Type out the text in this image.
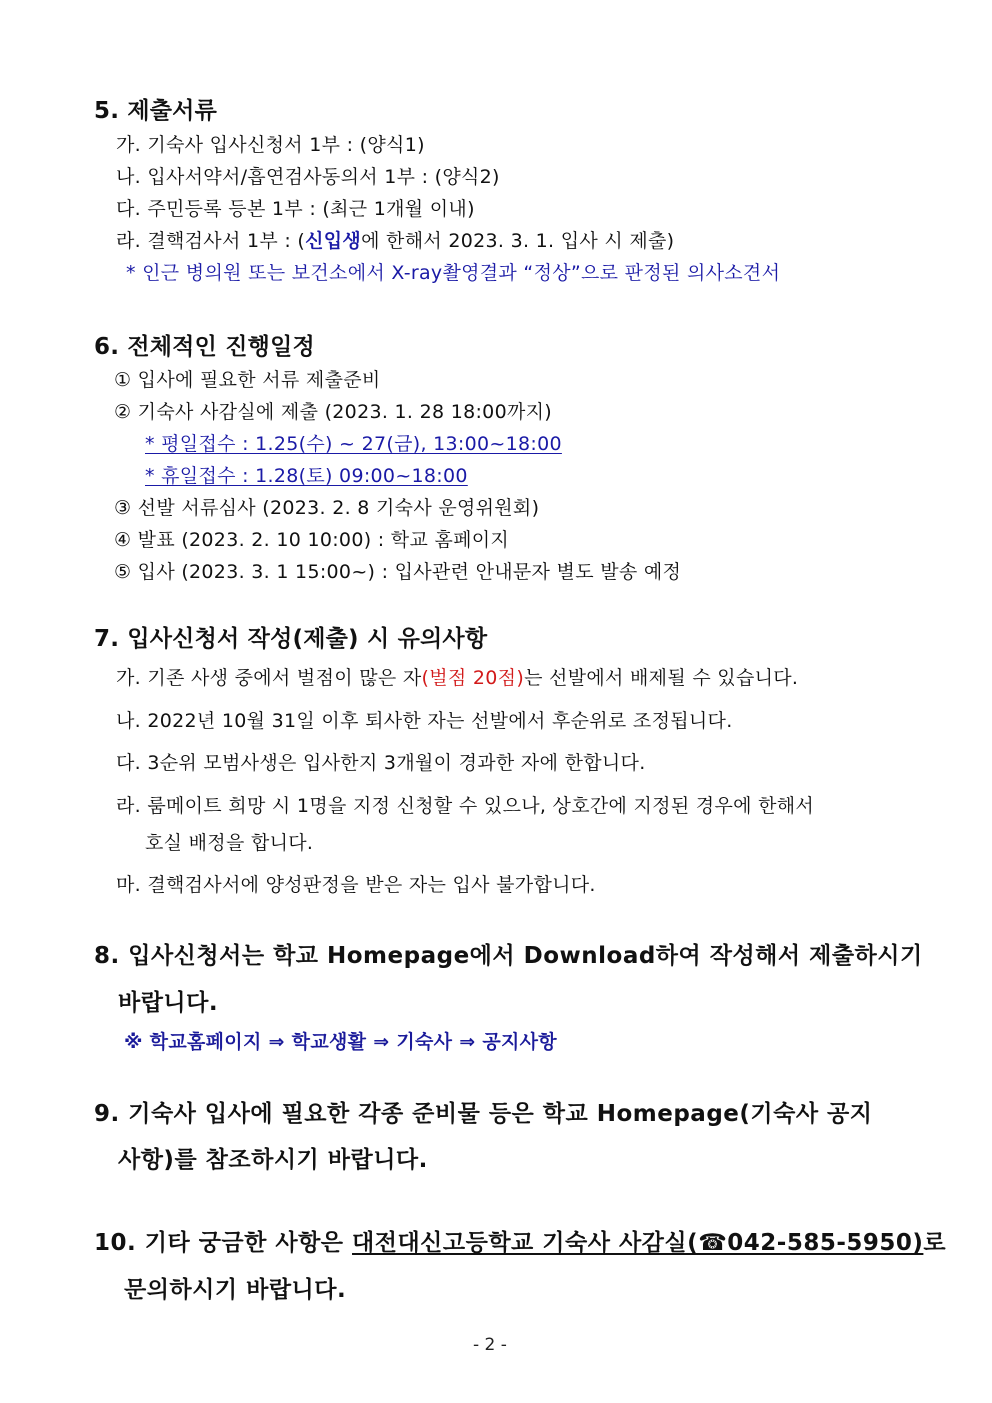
5. 제출서류
가. 기숙사 입사신청서 1부 : (양식1)
나. 입사서약서/흡연검사동의서 1부 : (양식2)
다. 주민등록 등본 1부 : (최근 1개월 이내)
라. 결핵검사서 1부 : (신입생에 한해서 2023. 3. 1. 입사 시 제출)
* 인근 병의원 또는 보건소에서 X-ray촬영결과 “정상”으로 판정된 의사소견서
6. 전체적인 진행일정
① 입사에 필요한 서류 제출준비
② 기숙사 사감실에 제출 (2023. 1. 28 18:00까지)
* 평일접수 : 1.25(수) ~ 27(금), 13:00~18:00
* 휴일접수 : 1.28(토) 09:00~18:00
③ 선발 서류심사 (2023. 2. 8 기숙사 운영위원회)
④ 발표 (2023. 2. 10 10:00) : 학교 홈페이지
⑤ 입사 (2023. 3. 1 15:00~) : 입사관련 안내문자 별도 발송 예정
7. 입사신청서 작성(제출) 시 유의사항
가. 기존 사생 중에서 벌점이 많은 자(벌점 20점)는 선발에서 배제될 수 있습니다.
나. 2022년 10월 31일 이후 퇴사한 자는 선발에서 후순위로 조정됩니다.
다. 3순위 모범사생은 입사한지 3개월이 경과한 자에 한합니다.
라. 룸메이트 희망 시 1명을 지정 신청할 수 있으나, 상호간에 지정된 경우에 한해서
호실 배정을 합니다.
마. 결핵검사서에 양성판정을 받은 자는 입사 불가합니다.
8. 입사신청서는 학교 Homepage에서 Download하여 작성해서 제출하시기
바랍니다.
※ 학교홈페이지 ⇒ 학교생활 ⇒ 기숙사 ⇒ 공지사항
9. 기숙사 입사에 필요한 각종 준비물 등은 학교 Homepage(기숙사 공지
사항)를 참조하시기 바랍니다.
10. 기타 궁금한 사항은 대전대신고등학교 기숙사 사감실(☎042-585-5950)로
문의하시기 바랍니다.
- 2 -
